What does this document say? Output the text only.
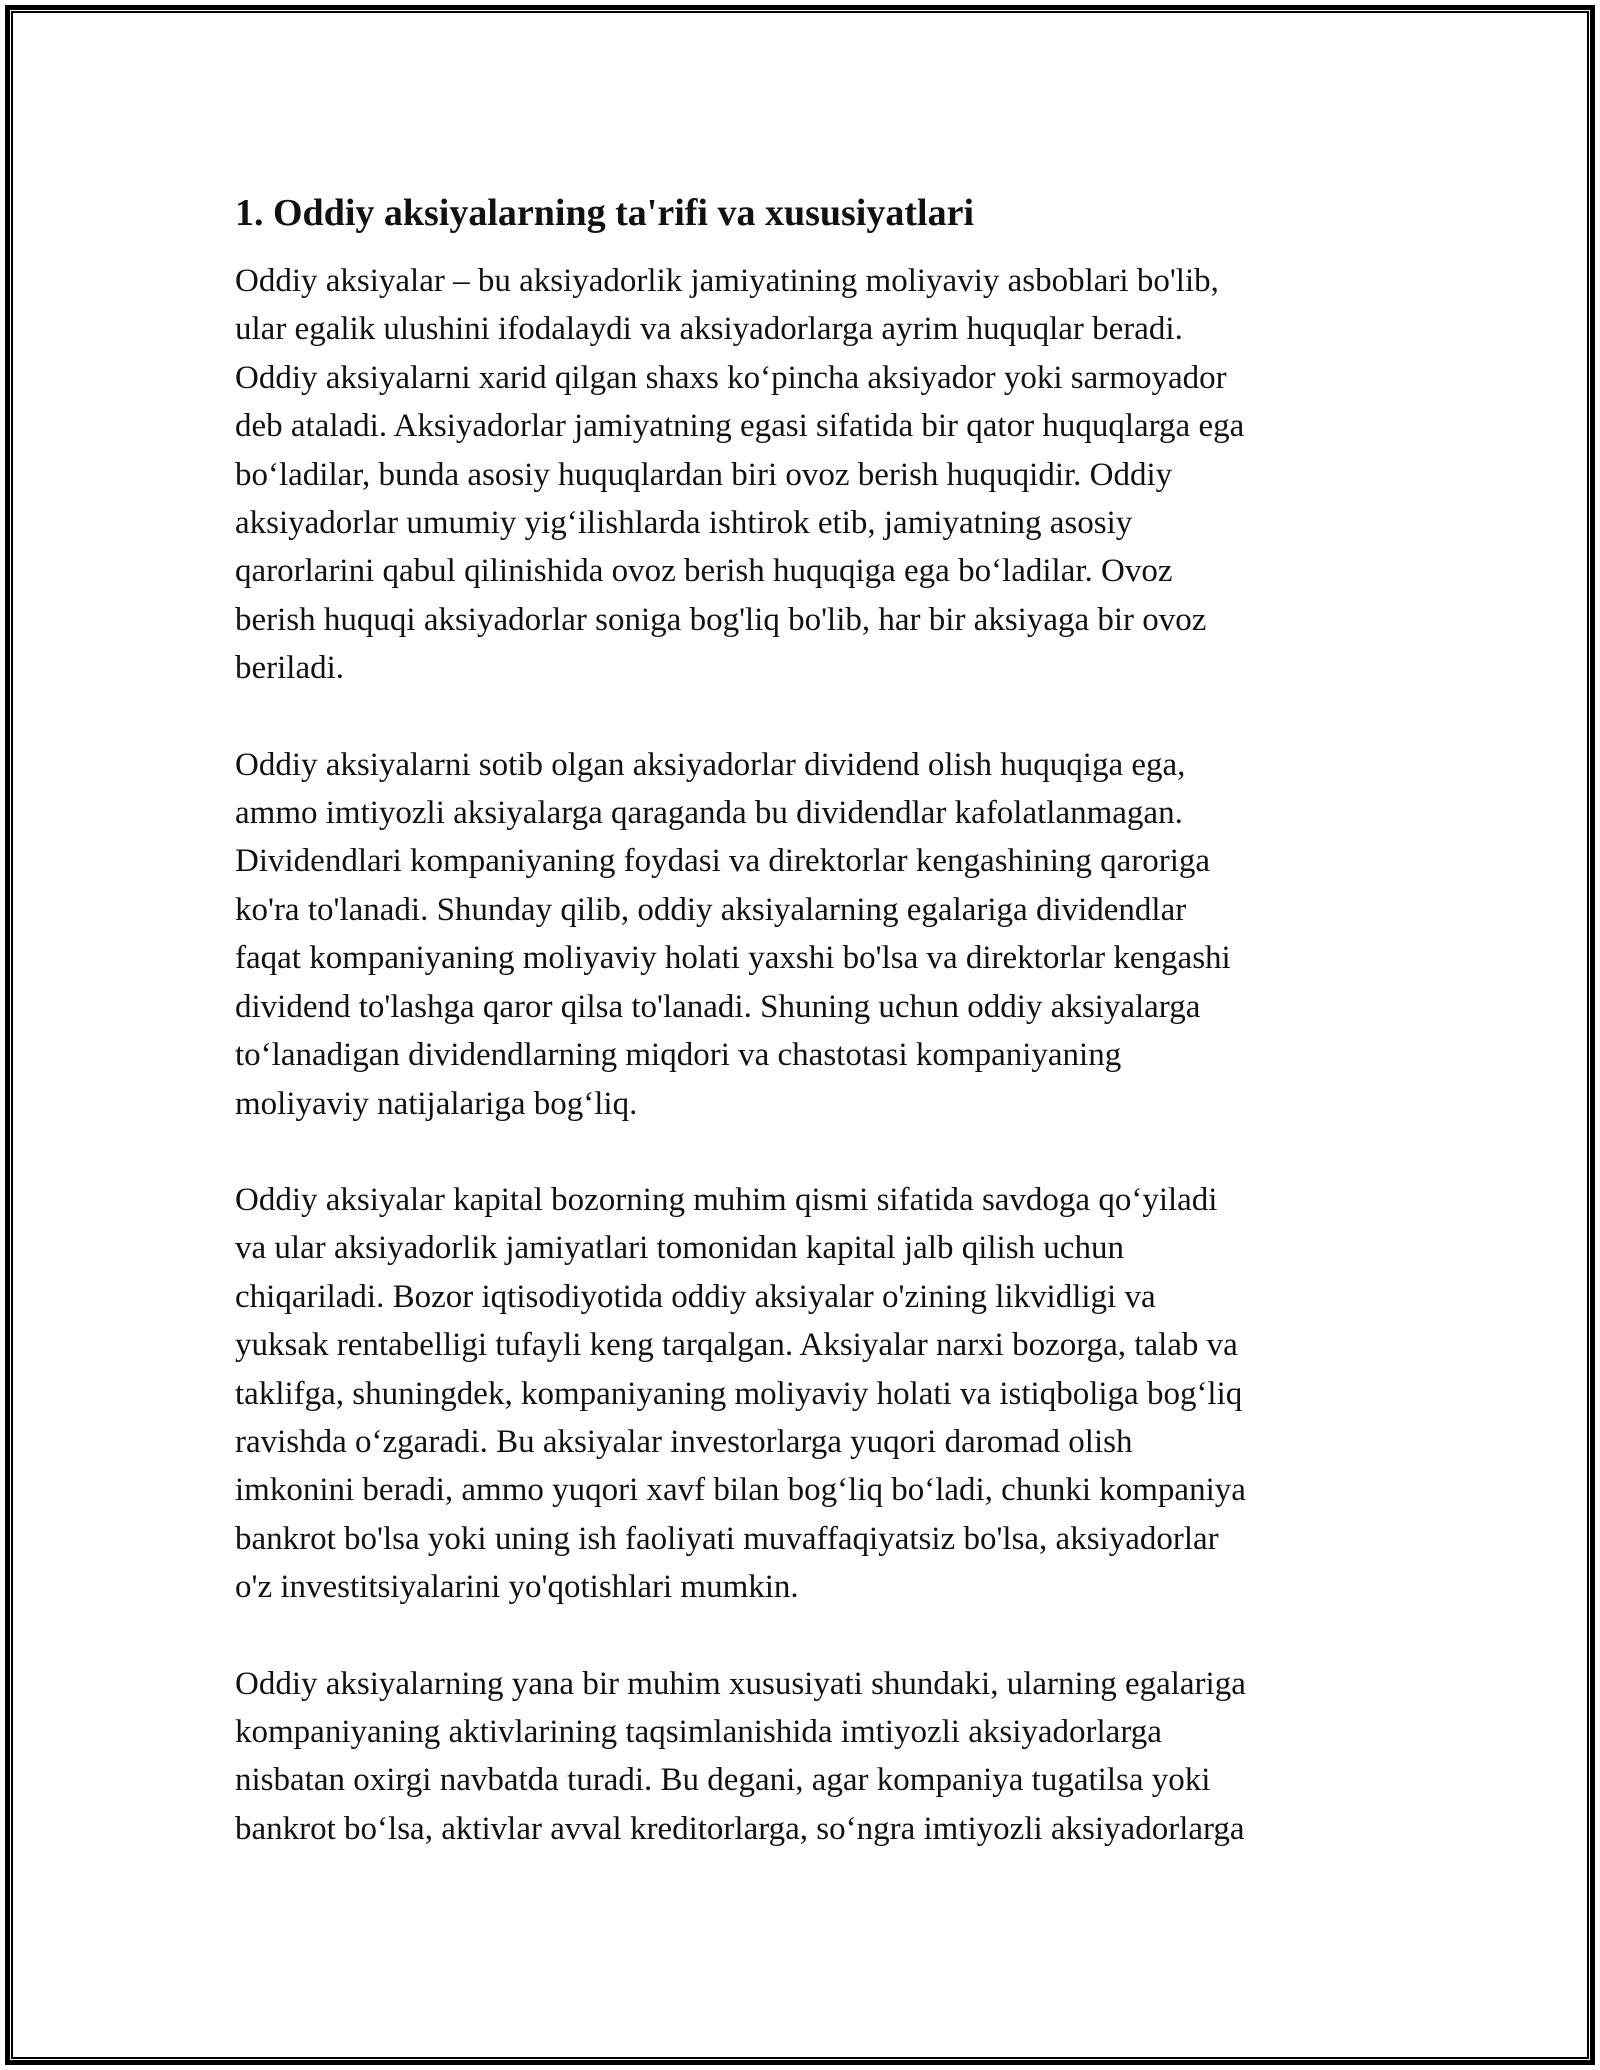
1. Oddiy aksiyalarning ta'rifi va xususiyatlari

Oddiy aksiyalar – bu aksiyadorlik jamiyatining moliyaviy asboblari bo'lib,
ular egalik ulushini ifodalaydi va aksiyadorlarga ayrim huquqlar beradi.
Oddiy aksiyalarni xarid qilgan shaxs ko‘pincha aksiyador yoki sarmoyador
deb ataladi. Aksiyadorlar jamiyatning egasi sifatida bir qator huquqlarga ega
bo‘ladilar, bunda asosiy huquqlardan biri ovoz berish huquqidir. Oddiy
aksiyadorlar umumiy yig‘ilishlarda ishtirok etib, jamiyatning asosiy
qarorlarini qabul qilinishida ovoz berish huquqiga ega bo‘ladilar. Ovoz
berish huquqi aksiyadorlar soniga bog'liq bo'lib, har bir aksiyaga bir ovoz
beriladi.

Oddiy aksiyalarni sotib olgan aksiyadorlar dividend olish huquqiga ega,
ammo imtiyozli aksiyalarga qaraganda bu dividendlar kafolatlanmagan.
Dividendlari kompaniyaning foydasi va direktorlar kengashining qaroriga
ko'ra to'lanadi. Shunday qilib, oddiy aksiyalarning egalariga dividendlar
faqat kompaniyaning moliyaviy holati yaxshi bo'lsa va direktorlar kengashi
dividend to'lashga qaror qilsa to'lanadi. Shuning uchun oddiy aksiyalarga
to‘lanadigan dividendlarning miqdori va chastotasi kompaniyaning
moliyaviy natijalariga bog‘liq.

Oddiy aksiyalar kapital bozorning muhim qismi sifatida savdoga qo‘yiladi
va ular aksiyadorlik jamiyatlari tomonidan kapital jalb qilish uchun
chiqariladi. Bozor iqtisodiyotida oddiy aksiyalar o'zining likvidligi va
yuksak rentabelligi tufayli keng tarqalgan. Aksiyalar narxi bozorga, talab va
taklifga, shuningdek, kompaniyaning moliyaviy holati va istiqboliga bog‘liq
ravishda o‘zgaradi. Bu aksiyalar investorlarga yuqori daromad olish
imkonini beradi, ammo yuqori xavf bilan bog‘liq bo‘ladi, chunki kompaniya
bankrot bo'lsa yoki uning ish faoliyati muvaffaqiyatsiz bo'lsa, aksiyadorlar
o'z investitsiyalarini yo'qotishlari mumkin.

Oddiy aksiyalarning yana bir muhim xususiyati shundaki, ularning egalariga
kompaniyaning aktivlarining taqsimlanishida imtiyozli aksiyadorlarga
nisbatan oxirgi navbatda turadi. Bu degani, agar kompaniya tugatilsa yoki
bankrot bo‘lsa, aktivlar avval kreditorlarga, so‘ngra imtiyozli aksiyadorlarga
